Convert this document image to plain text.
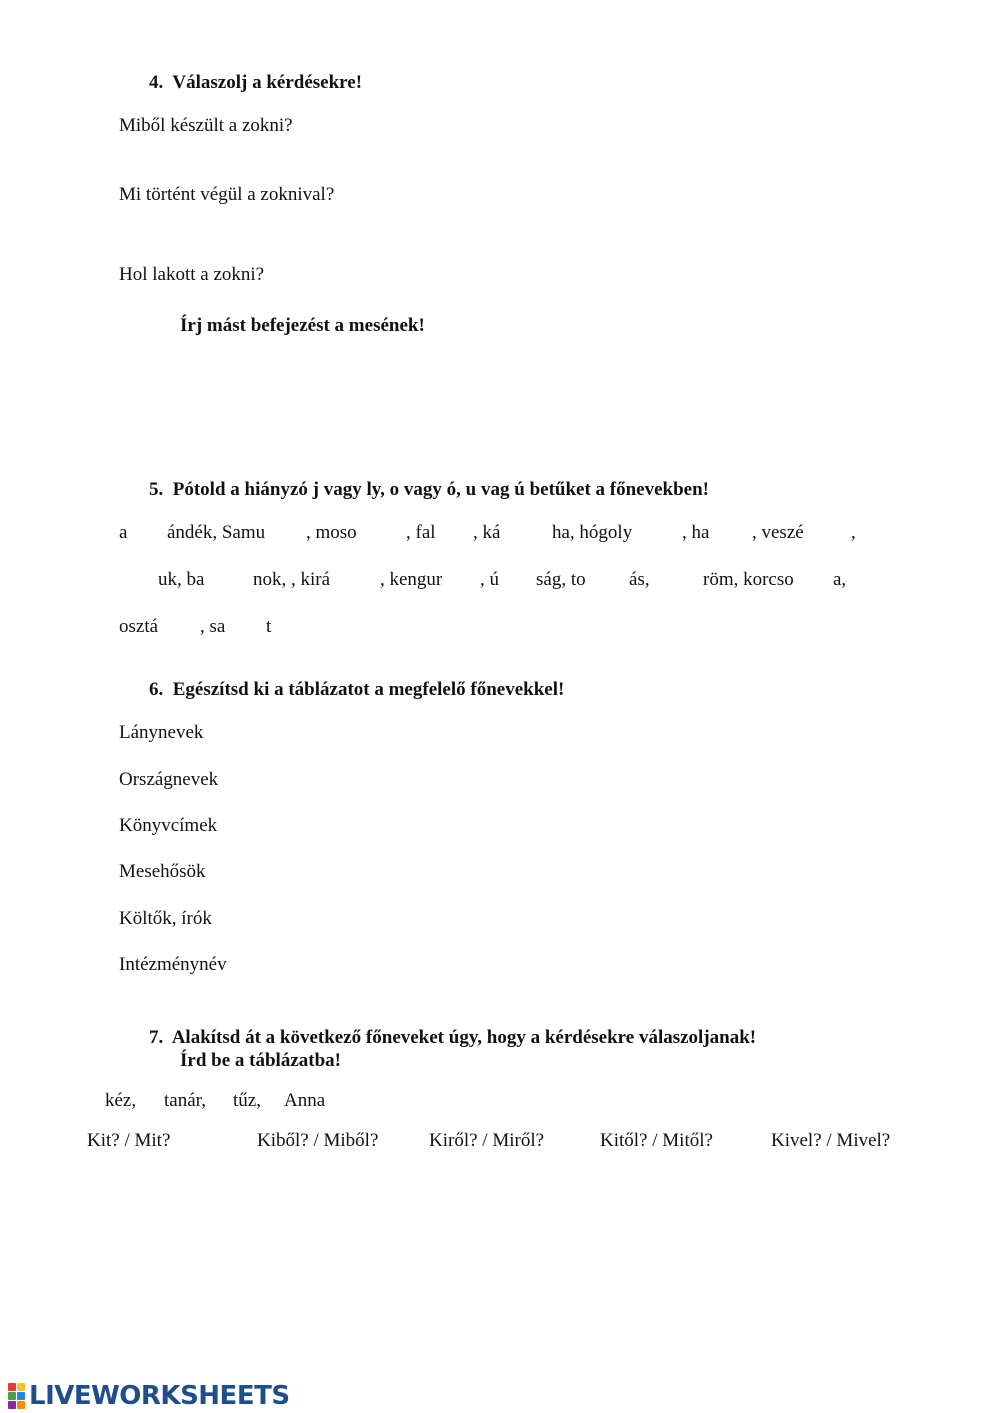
4.  Válaszolj a kérdésekre!
Miből készült a zokni?
Mi történt végül a zoknival?
Hol lakott a zokni?
Írj mást befejezést a mesének!
5.  Pótold a hiányzó j vagy ly, o vagy ó, u vag ú betűket a főnevekben!
a ándék, Samu , moso	, fal , ká	ha, hógoly	, ha , veszé ,
uk, ba	nok, , kirá	, kengur , ú ság, to ás,	röm, korcso a,
osztá , sa t
6.  Egészítsd ki a táblázatot a megfelelő főnevekkel!
Lánynevek
Országnevek
Könyvcímek
Mesehősök
Költők, írók
Intézménynév
7.  Alakítsd át a következő főneveket úgy, hogy a kérdésekre válaszoljanak!
Írd be a táblázatba!
kéz, tanár, tűz, Anna
Kit? / Mit?	Kiből? / Miből?	Kiről? / Miről?	Kitől? / Mitől?	Kivel? / Mivel?
LIVEWORKSHEETS
